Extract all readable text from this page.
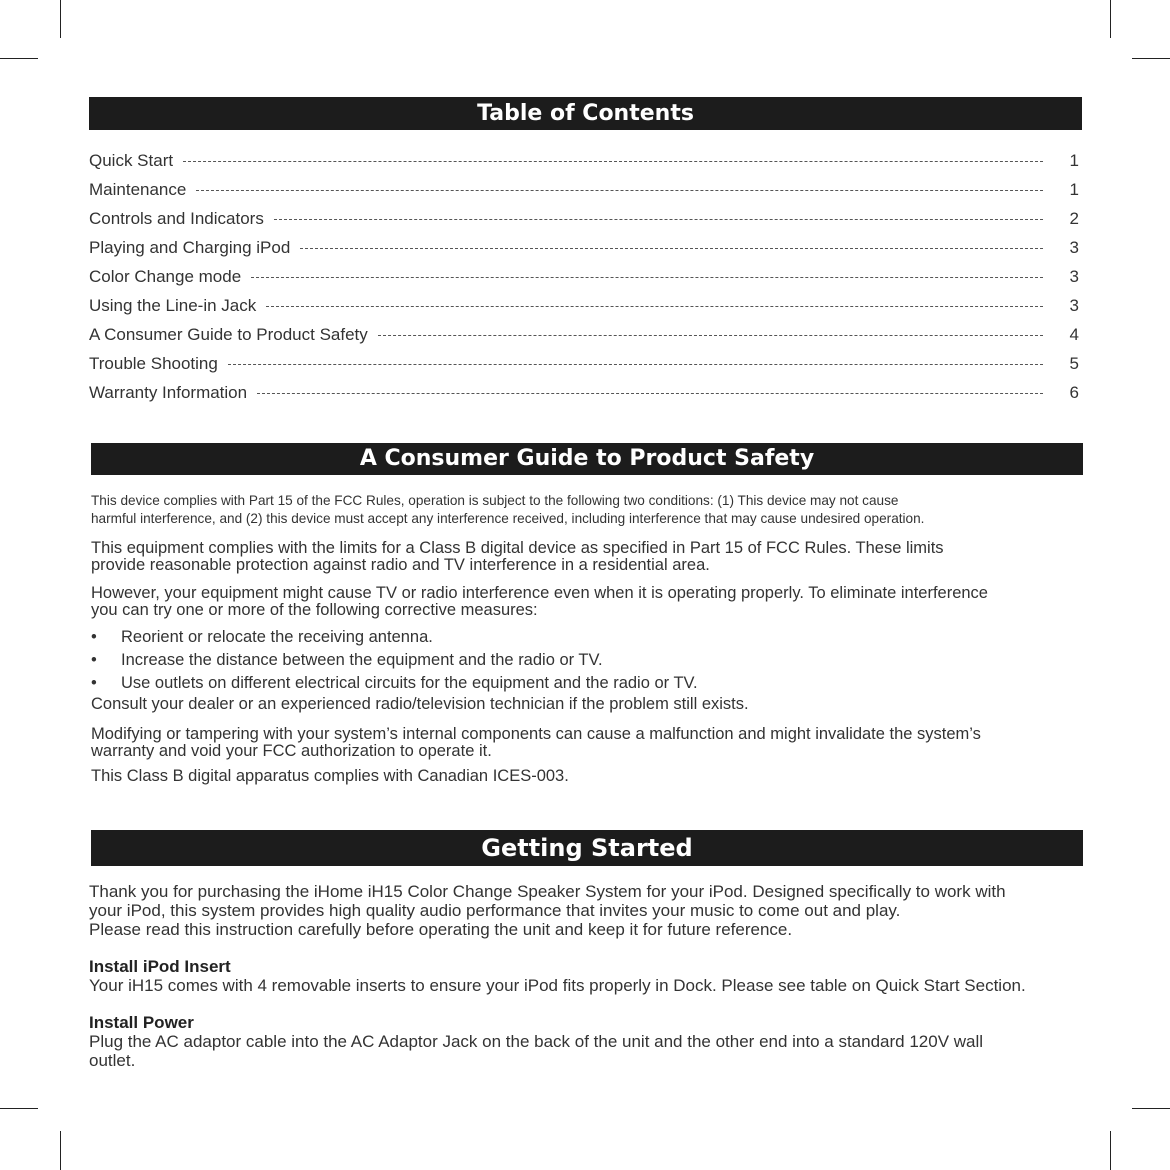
Table of Contents
Quick Start	1
Maintenance	1
Controls and Indicators	2
Playing and Charging iPod	3
Color Change mode	3
Using the Line-in Jack	3
A Consumer Guide to Product Safety	4
Trouble Shooting	5
Warranty Information	6
A Consumer Guide to Product Safety
This device complies with Part 15 of the FCC Rules, operation is subject to the following two conditions: (1) This device may not cause
harmful interference, and (2) this device must accept any interference received, including interference that may cause undesired operation.
This equipment complies with the limits for a Class B digital device as specified in Part 15 of FCC Rules. These limits
provide reasonable protection against radio and TV interference in a residential area.
However, your equipment might cause TV or radio interference even when it is operating properly. To eliminate interference
you can try one or more of the following corrective measures:
•	Reorient or relocate the receiving antenna.
•	Increase the distance between the equipment and the radio or TV.
•	Use outlets on different electrical circuits for the equipment and the radio or TV.
Consult your dealer or an experienced radio/television technician if the problem still exists.
Modifying or tampering with your system’s internal components can cause a malfunction and might invalidate the system’s
warranty and void your FCC authorization to operate it.
This Class B digital apparatus complies with Canadian ICES-003.
Getting Started
Thank you for purchasing the iHome iH15 Color Change Speaker System for your iPod. Designed specifically to work with
your iPod, this system provides high quality audio performance that invites your music to come out and play.
Please read this instruction carefully before operating the unit and keep it for future reference.
Install iPod Insert
Your iH15 comes with 4 removable inserts to ensure your iPod fits properly in Dock. Please see table on Quick Start Section.
Install Power
Plug the AC adaptor cable into the AC Adaptor Jack on the back of the unit and the other end into a standard 120V wall
outlet.
